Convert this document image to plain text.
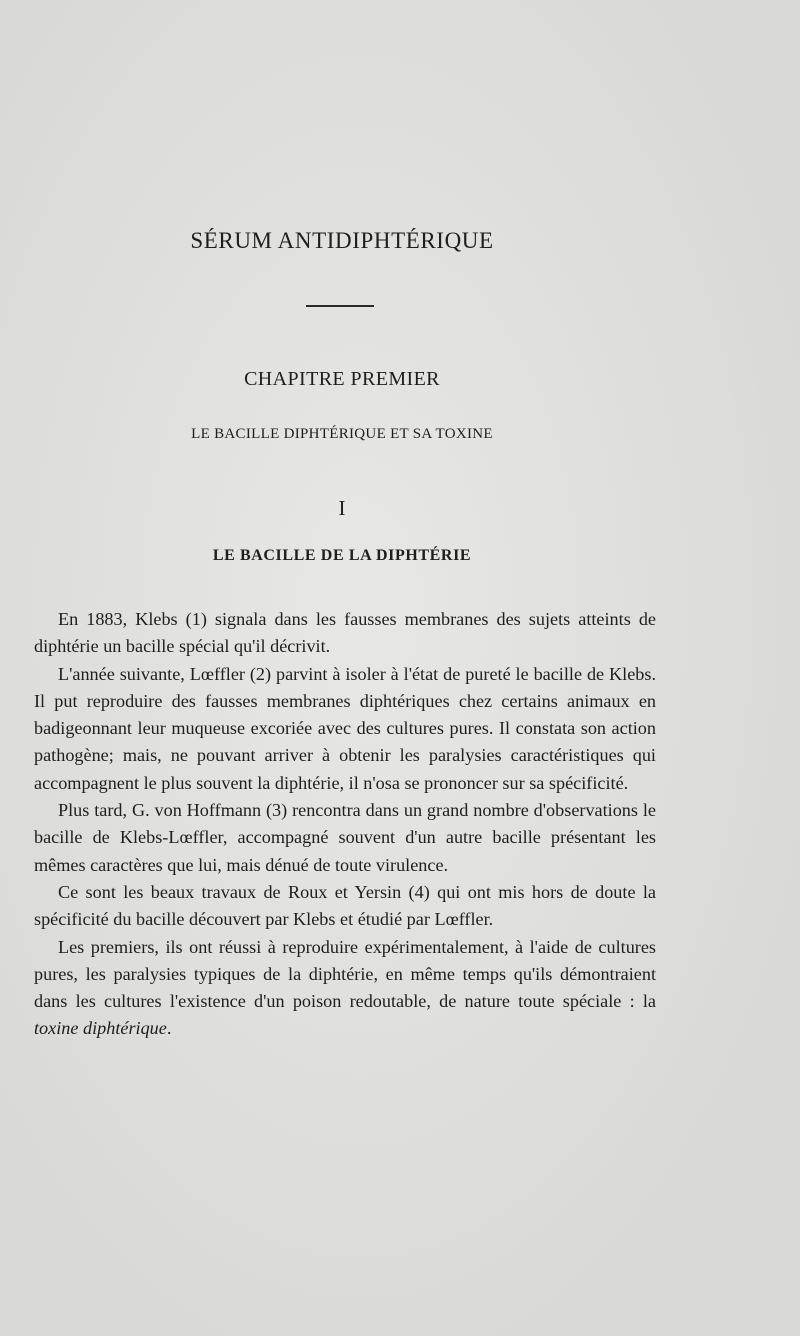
SÉRUM ANTIDIPHTÉRIQUE
CHAPITRE PREMIER
LE BACILLE DIPHTÉRIQUE ET SA TOXINE
I
LE BACILLE DE LA DIPHTÉRIE

En 1883, Klebs (1) signala dans les fausses membranes des sujets atteints de diphtérie un bacille spécial qu'il décrivit.

L'année suivante, Lœffler (2) parvint à isoler à l'état de pureté le bacille de Klebs. Il put reproduire des fausses membranes diphtériques chez certains animaux en badigeonnant leur muqueuse excoriée avec des cultures pures. Il constata son action pathogène; mais, ne pouvant arriver à obtenir les paralysies caractéristiques qui accompagnent le plus souvent la diphtérie, il n'osa se prononcer sur sa spécificité.

Plus tard, G. von Hoffmann (3) rencontra dans un grand nombre d'observations le bacille de Klebs-Lœffler, accompagné souvent d'un autre bacille présentant les mêmes caractères que lui, mais dénué de toute virulence.

Ce sont les beaux travaux de Roux et Yersin (4) qui ont mis hors de doute la spécificité du bacille découvert par Klebs et étudié par Lœffler.

Les premiers, ils ont réussi à reproduire expérimentalement, à l'aide de cultures pures, les paralysies typiques de la diphtérie, en même temps qu'ils démontraient dans les cultures l'existence d'un poison redoutable, de nature toute spéciale : la toxine diphtérique.
